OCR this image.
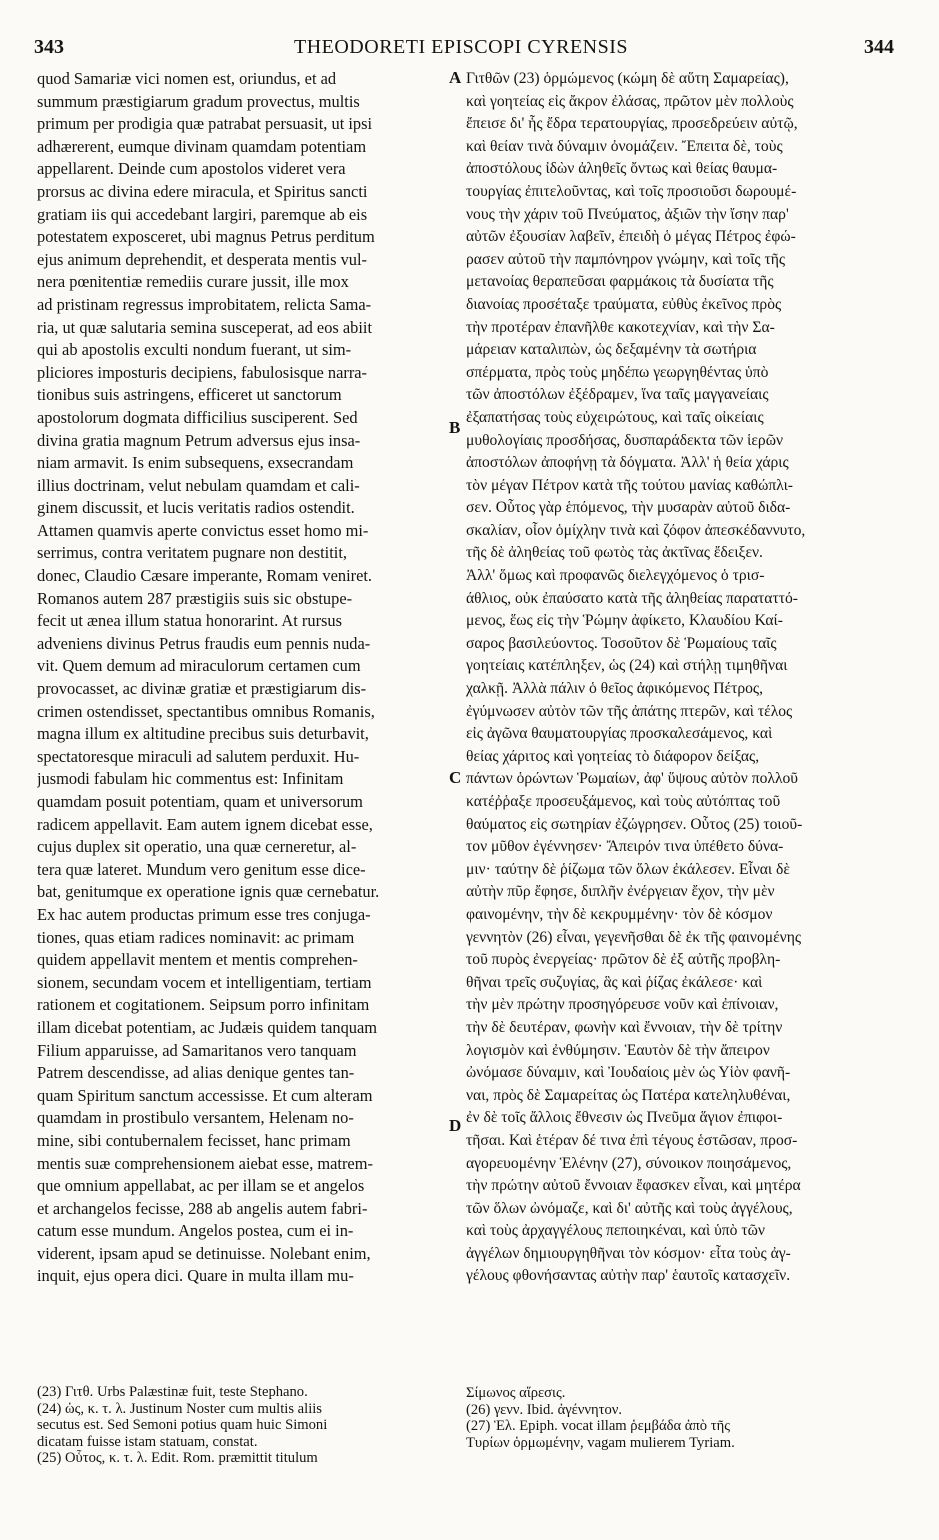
343	THEODORETI EPISCOPI CYRENSIS	344
quod Samariæ vici nomen est, oriundus, et ad
summum præstigiarum gradum provectus, multis
primum per prodigia quæ patrabat persuasit, ut ipsi
adhærerent, eumque divinam quamdam potentiam
appellarent. Deinde cum apostolos videret vera
prorsus ac divina edere miracula, et Spiritus sancti
gratiam iis qui accedebant largiri, paremque ab eis
potestatem exposceret, ubi magnus Petrus perditum
ejus animum deprehendit, et desperata mentis vul-
nera pœnitentiæ remediis curare jussit, ille mox
ad pristinam regressus improbitatem, relicta Sama-
ria, ut quæ salutaria semina susceperat, ad eos abiit
qui ab apostolis exculti nondum fuerant, ut sim-
pliciores imposturis decipiens, fabulosisque narra-
tionibus suis astringens, efficeret ut sanctorum
apostolorum dogmata difficilius susciperent. Sed
divina gratia magnum Petrum adversus ejus insa-
niam armavit. Is enim subsequens, exsecrandam
illius doctrinam, velut nebulam quamdam et cali-
ginem discussit, et lucis veritatis radios ostendit.
Attamen quamvis aperte convictus esset homo mi-
serrimus, contra veritatem pugnare non destitit,
donec, Claudio Cæsare imperante, Romam veniret.
Romanos autem 287 præstigiis suis sic obstupe-
fecit ut ænea illum statua honorarint. At rursus
adveniens divinus Petrus fraudis eum pennis nuda-
vit. Quem demum ad miraculorum certamen cum
provocasset, ac divinæ gratiæ et præstigiarum dis-
crimen ostendisset, spectantibus omnibus Romanis,
magna illum ex altitudine precibus suis deturbavit,
spectatoresque miraculi ad salutem perduxit. Hu-
jusmodi fabulam hic commentus est: Infinitam
quamdam posuit potentiam, quam et universorum
radicem appellavit. Eam autem ignem dicebat esse,
cujus duplex sit operatio, una quæ cerneretur, al-
tera quæ lateret. Mundum vero genitum esse dice-
bat, genitumque ex operatione ignis quæ cernebatur.
Ex hac autem productas primum esse tres conjuga-
tiones, quas etiam radices nominavit: ac primam
quidem appellavit mentem et mentis comprehen-
sionem, secundam vocem et intelligentiam, tertiam
rationem et cogitationem. Seipsum porro infinitam
illam dicebat potentiam, ac Judæis quidem tanquam
Filium apparuisse, ad Samaritanos vero tanquam
Patrem descendisse, ad alias denique gentes tan-
quam Spiritum sanctum accessisse. Et cum alteram
quamdam in prostibulo versantem, Helenam no-
mine, sibi contubernalem fecisset, hanc primam
mentis suæ comprehensionem aiebat esse, matrem-
que omnium appellabat, ac per illam se et angelos
et archangelos fecisse, 288 ab angelis autem fabri-
catum esse mundum. Angelos postea, cum ei in-
viderent, ipsam apud se detinuisse. Nolebant enim,
inquit, ejus opera dici. Quare in multa illam mu-
Γιτθῶν (23) ὁρμώμενος (κώμη δὲ αὕτη Σαμαρείας),
καὶ γοητείας εἰς ἄκρον ἐλάσας, πρῶτον μὲν πολλοὺς
ἔπεισε δι' ἧς ἔδρα τερατουργίας, προσεδρεύειν αὐτῷ,
καὶ θείαν τινὰ δύναμιν ὀνομάζειν. Ἔπειτα δὲ, τοὺς
ἀποστόλους ἰδὼν ἀληθεῖς ὄντως καὶ θείας θαυμα-
τουργίας ἐπιτελοῦντας, καὶ τοῖς προσιοῦσι δωρουμέ-
νους τὴν χάριν τοῦ Πνεύματος, ἀξιῶν τὴν ἴσην παρ'
αὐτῶν ἐξουσίαν λαβεῖν, ἐπειδὴ ὁ μέγας Πέτρος ἐφώ-
ρασεν αὐτοῦ τὴν παμπόνηρον γνώμην, καὶ τοῖς τῆς
μετανοίας θεραπεῦσαι φαρμάκοις τὰ δυσίατα τῆς
διανοίας προσέταξε τραύματα, εὐθὺς ἐκεῖνος πρὸς
τὴν προτέραν ἐπανῆλθε κακοτεχνίαν, καὶ τὴν Σα-
μάρειαν καταλιπὼν, ὡς δεξαμένην τὰ σωτήρια
σπέρματα, πρὸς τοὺς μηδέπω γεωργηθέντας ὑπὸ
τῶν ἀποστόλων ἐξέδραμεν, ἵνα ταῖς μαγγανείαις
ἐξαπατήσας τοὺς εὐχειρώτους, καὶ ταῖς οἰκείαις
μυθολογίαις προσδήσας, δυσπαράδεκτα τῶν ἱερῶν
ἀποστόλων ἀποφήνῃ τὰ δόγματα. Ἀλλ' ἡ θεία χάρις
τὸν μέγαν Πέτρον κατὰ τῆς τούτου μανίας καθώπλι-
σεν. Οὗτος γὰρ ἑπόμενος, τὴν μυσαρὰν αὐτοῦ διδα-
σκαλίαν, οἷον ὁμίχλην τινὰ καὶ ζόφον ἀπεσκέδαννυτο,
τῆς δὲ ἀληθείας τοῦ φωτὸς τὰς ἀκτῖνας ἔδειξεν.
Ἀλλ' ὅμως καὶ προφανῶς διελεγχόμενος ὁ τρισ-
άθλιος, οὐκ ἐπαύσατο κατὰ τῆς ἀληθείας παραταττό-
μενος, ἕως εἰς τὴν Ῥώμην ἀφίκετο, Κλαυδίου Καί-
σαρος βασιλεύοντος. Τοσοῦτον δὲ Ῥωμαίους ταῖς
γοητείαις κατέπληξεν, ὡς (24) καὶ στήλῃ τιμηθῆναι
χαλκῇ. Ἀλλὰ πάλιν ὁ θεῖος ἀφικόμενος Πέτρος,
ἐγύμνωσεν αὐτὸν τῶν τῆς ἀπάτης πτερῶν, καὶ τέλος
εἰς ἀγῶνα θαυματουργίας προσκαλεσάμενος, καὶ
θείας χάριτος καὶ γοητείας τὸ διάφορον δείξας,
πάντων ὁρώντων Ῥωμαίων, ἀφ' ὕψους αὐτὸν πολλοῦ
κατέῤῥαξε προσευξάμενος, καὶ τοὺς αὐτόπτας τοῦ
θαύματος εἰς σωτηρίαν ἐζώγρησεν. Οὗτος (25) τοιοῦ-
τον μῦθον ἐγέννησεν· Ἄπειρόν τινα ὑπέθετο δύνα-
μιν· ταύτην δὲ ῥίζωμα τῶν ὅλων ἐκάλεσεν. Εἶναι δὲ
αὐτὴν πῦρ ἔφησε, διπλῆν ἐνέργειαν ἔχον, τὴν μὲν
φαινομένην, τὴν δὲ κεκρυμμένην· τὸν δὲ κόσμον
γεννητὸν (26) εἶναι, γεγενῆσθαι δὲ ἐκ τῆς φαινομένης
τοῦ πυρὸς ἐνεργείας· πρῶτον δὲ ἐξ αὐτῆς προβλη-
θῆναι τρεῖς συζυγίας, ἃς καὶ ῥίζας ἐκάλεσε· καὶ
τὴν μὲν πρώτην προσηγόρευσε νοῦν καὶ ἐπίνοιαν,
τὴν δὲ δευτέραν, φωνὴν καὶ ἔννοιαν, τὴν δὲ τρίτην
λογισμὸν καὶ ἐνθύμησιν. Ἑαυτὸν δὲ τὴν ἄπειρον
ὠνόμασε δύναμιν, καὶ Ἰουδαίοις μὲν ὡς Υἱὸν φανῆ-
ναι, πρὸς δὲ Σαμαρείτας ὡς Πατέρα κατεληλυθέναι,
ἐν δὲ τοῖς ἄλλοις ἔθνεσιν ὡς Πνεῦμα ἅγιον ἐπιφοι-
τῆσαι. Καὶ ἑτέραν δέ τινα ἐπὶ τέγους ἑστῶσαν, προσ-
αγορευομένην Ἑλένην (27), σύνοικον ποιησάμενος,
τὴν πρώτην αὐτοῦ ἔννοιαν ἔφασκεν εἶναι, καὶ μητέρα
τῶν ὅλων ὠνόμαζε, καὶ δι' αὐτῆς καὶ τοὺς ἀγγέλους,
καὶ τοὺς ἀρχαγγέλους πεποιηκέναι, καὶ ὑπὸ τῶν
ἀγγέλων δημιουργηθῆναι τὸν κόσμον· εἶτα τοὺς ἀγ-
γέλους φθονήσαντας αὐτὴν παρ' ἑαυτοῖς κατασχεῖν.
A
B
C
D
(23) Γιτθ. Urbs Palæstinæ fuit, teste Stephano.
(24) ὡς, κ. τ. λ. Justinum Noster cum multis aliis
secutus est. Sed Semoni potius quam huic Simoni
dicatam fuisse istam statuam, constat.
(25) Οὗτος, κ. τ. λ. Edit. Rom. præmittit titulum
Σίμωνος αἵρεσις.
(26) γενν. Ibid. ἀγέννητον.
(27) Ἑλ. Epiph. vocat illam ῥεμβάδα ἀπὸ τῆς
Τυρίων ὁρμωμένην, vagam mulierem Tyriam.
